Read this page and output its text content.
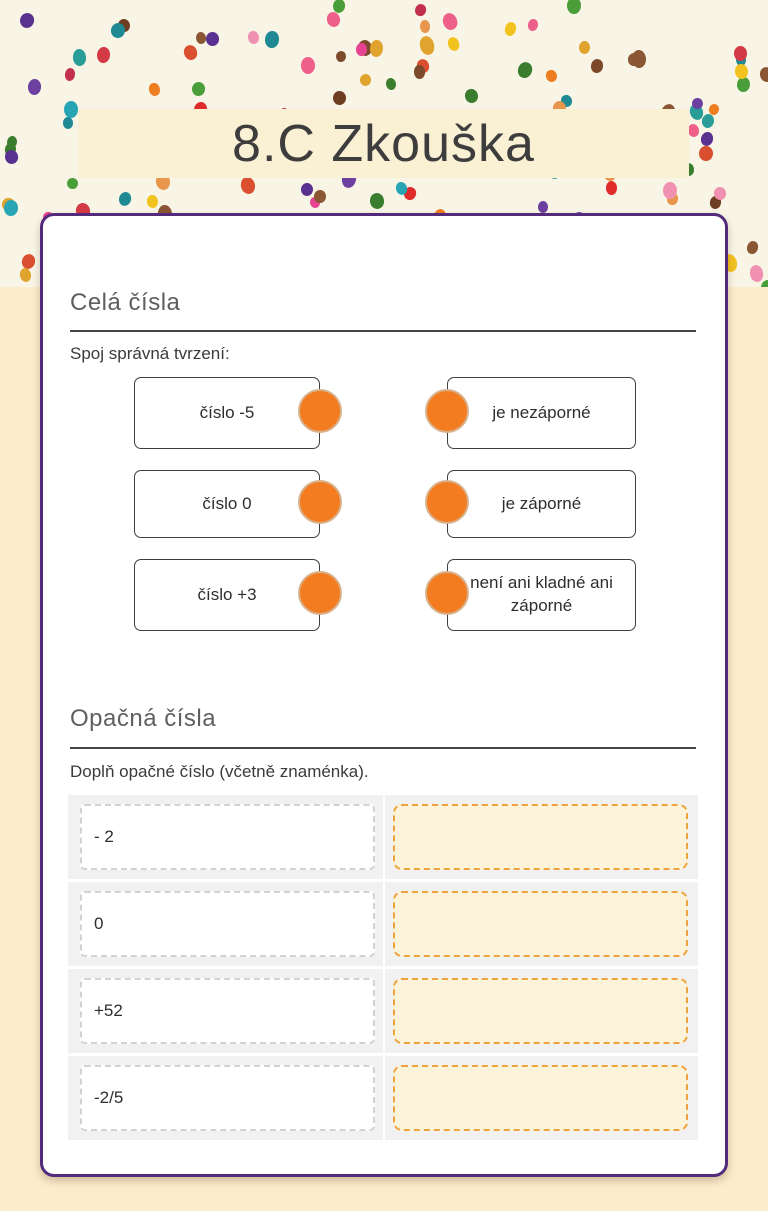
8.C Zkouška
Celá čísla

Spoj správná tvrzení:

číslo -5	je nezáporné
číslo 0	je záporné
číslo +3
není ani kladné ani záporné
Opačná čísla

Doplň opačné číslo (včetně znaménka).

- 2
0
+52
-2/5
